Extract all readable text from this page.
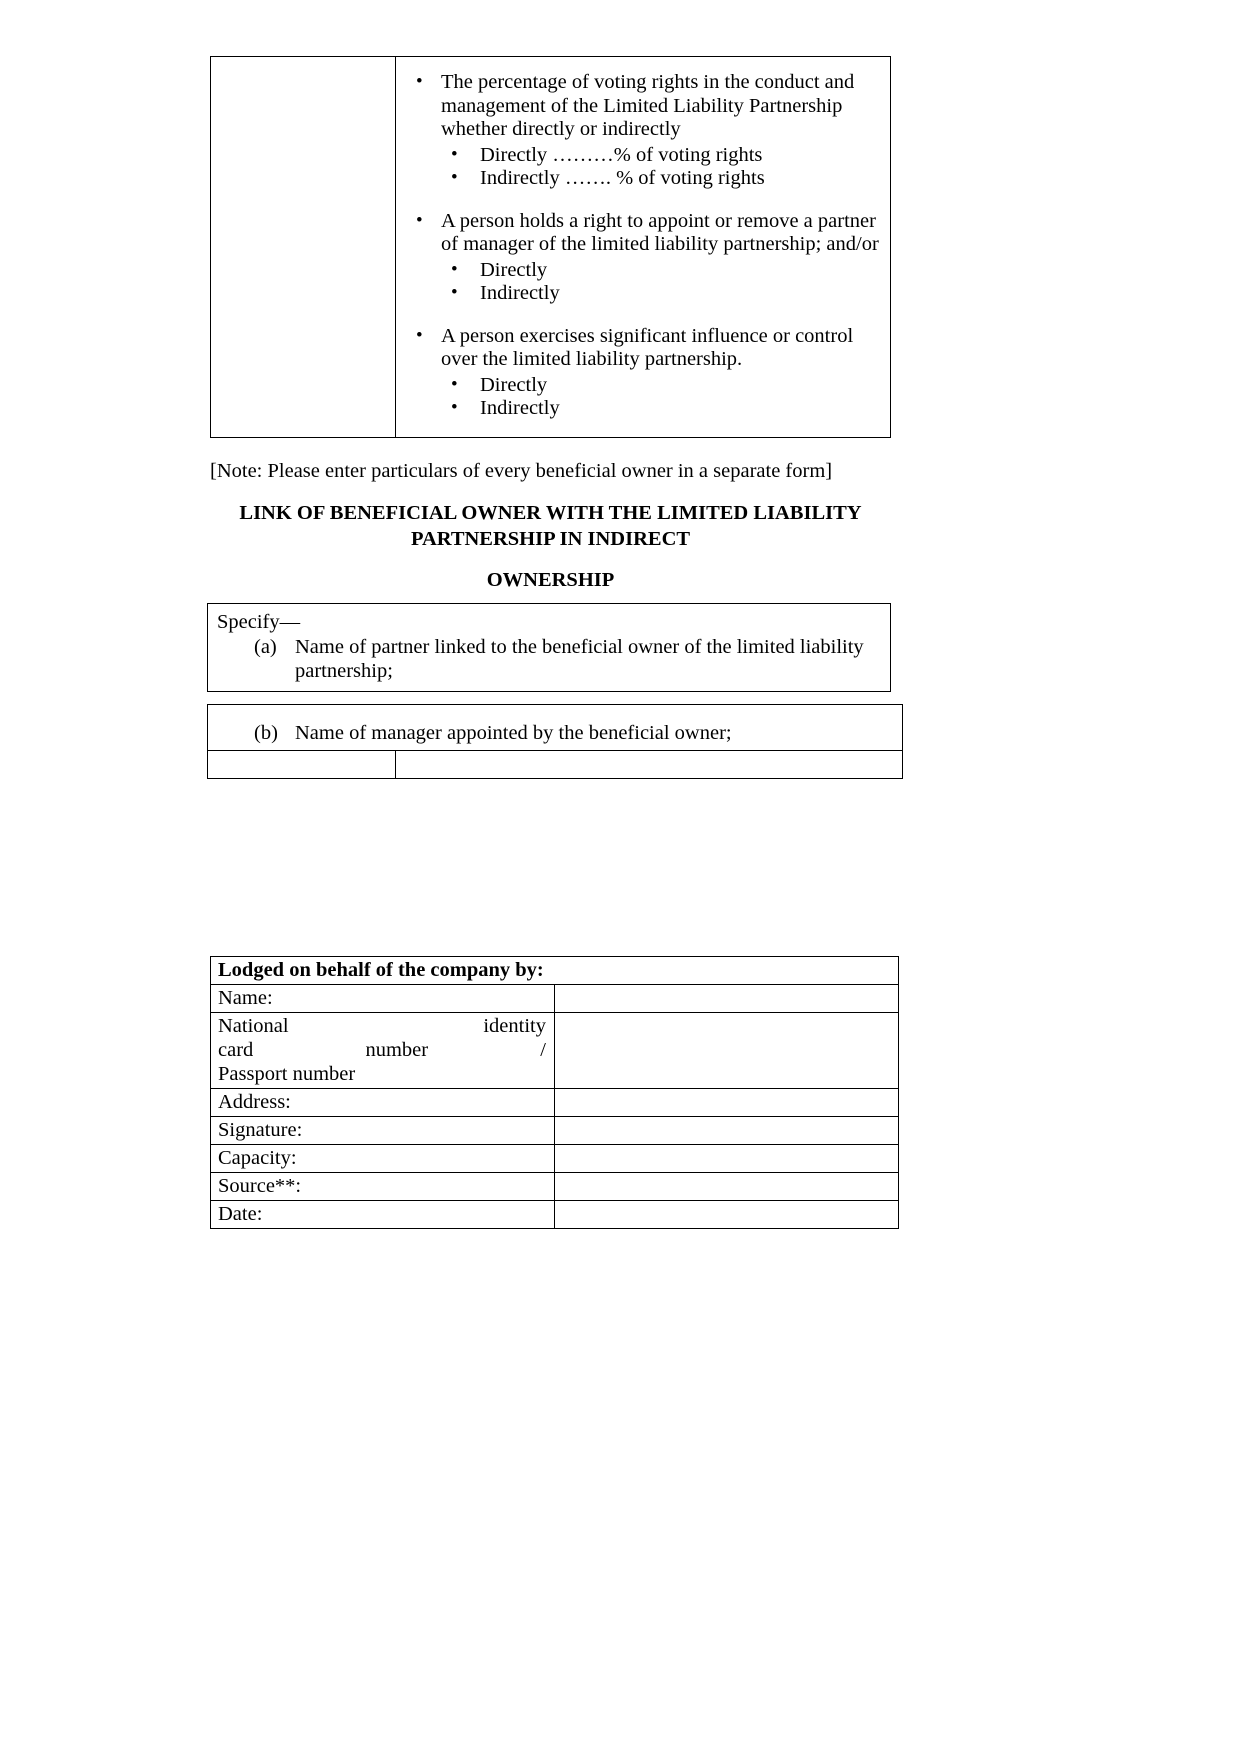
• The percentage of voting rights in the conduct and management of the Limited Liability Partnership whether directly or indirectly
• Directly ………% of voting rights
• Indirectly ……. % of voting rights
• A person holds a right to appoint or remove a partner of manager of the limited liability partnership; and/or
• Directly
• Indirectly
• A person exercises significant influence or control over the limited liability partnership.
• Directly
• Indirectly
[Note: Please enter particulars of every beneficial owner in a separate form]
LINK OF BENEFICIAL OWNER WITH THE LIMITED LIABILITY
PARTNERSHIP IN INDIRECT
OWNERSHIP
Specify—
(a) Name of partner linked to the beneficial owner of the limited liability partnership;
(b) Name of manager appointed by the beneficial owner;
Lodged on behalf of the company by:	
Name:	

National identity
card number /
Passport number	

Address:	
Signature:	
Capacity:	
Source**:	
Date:	
